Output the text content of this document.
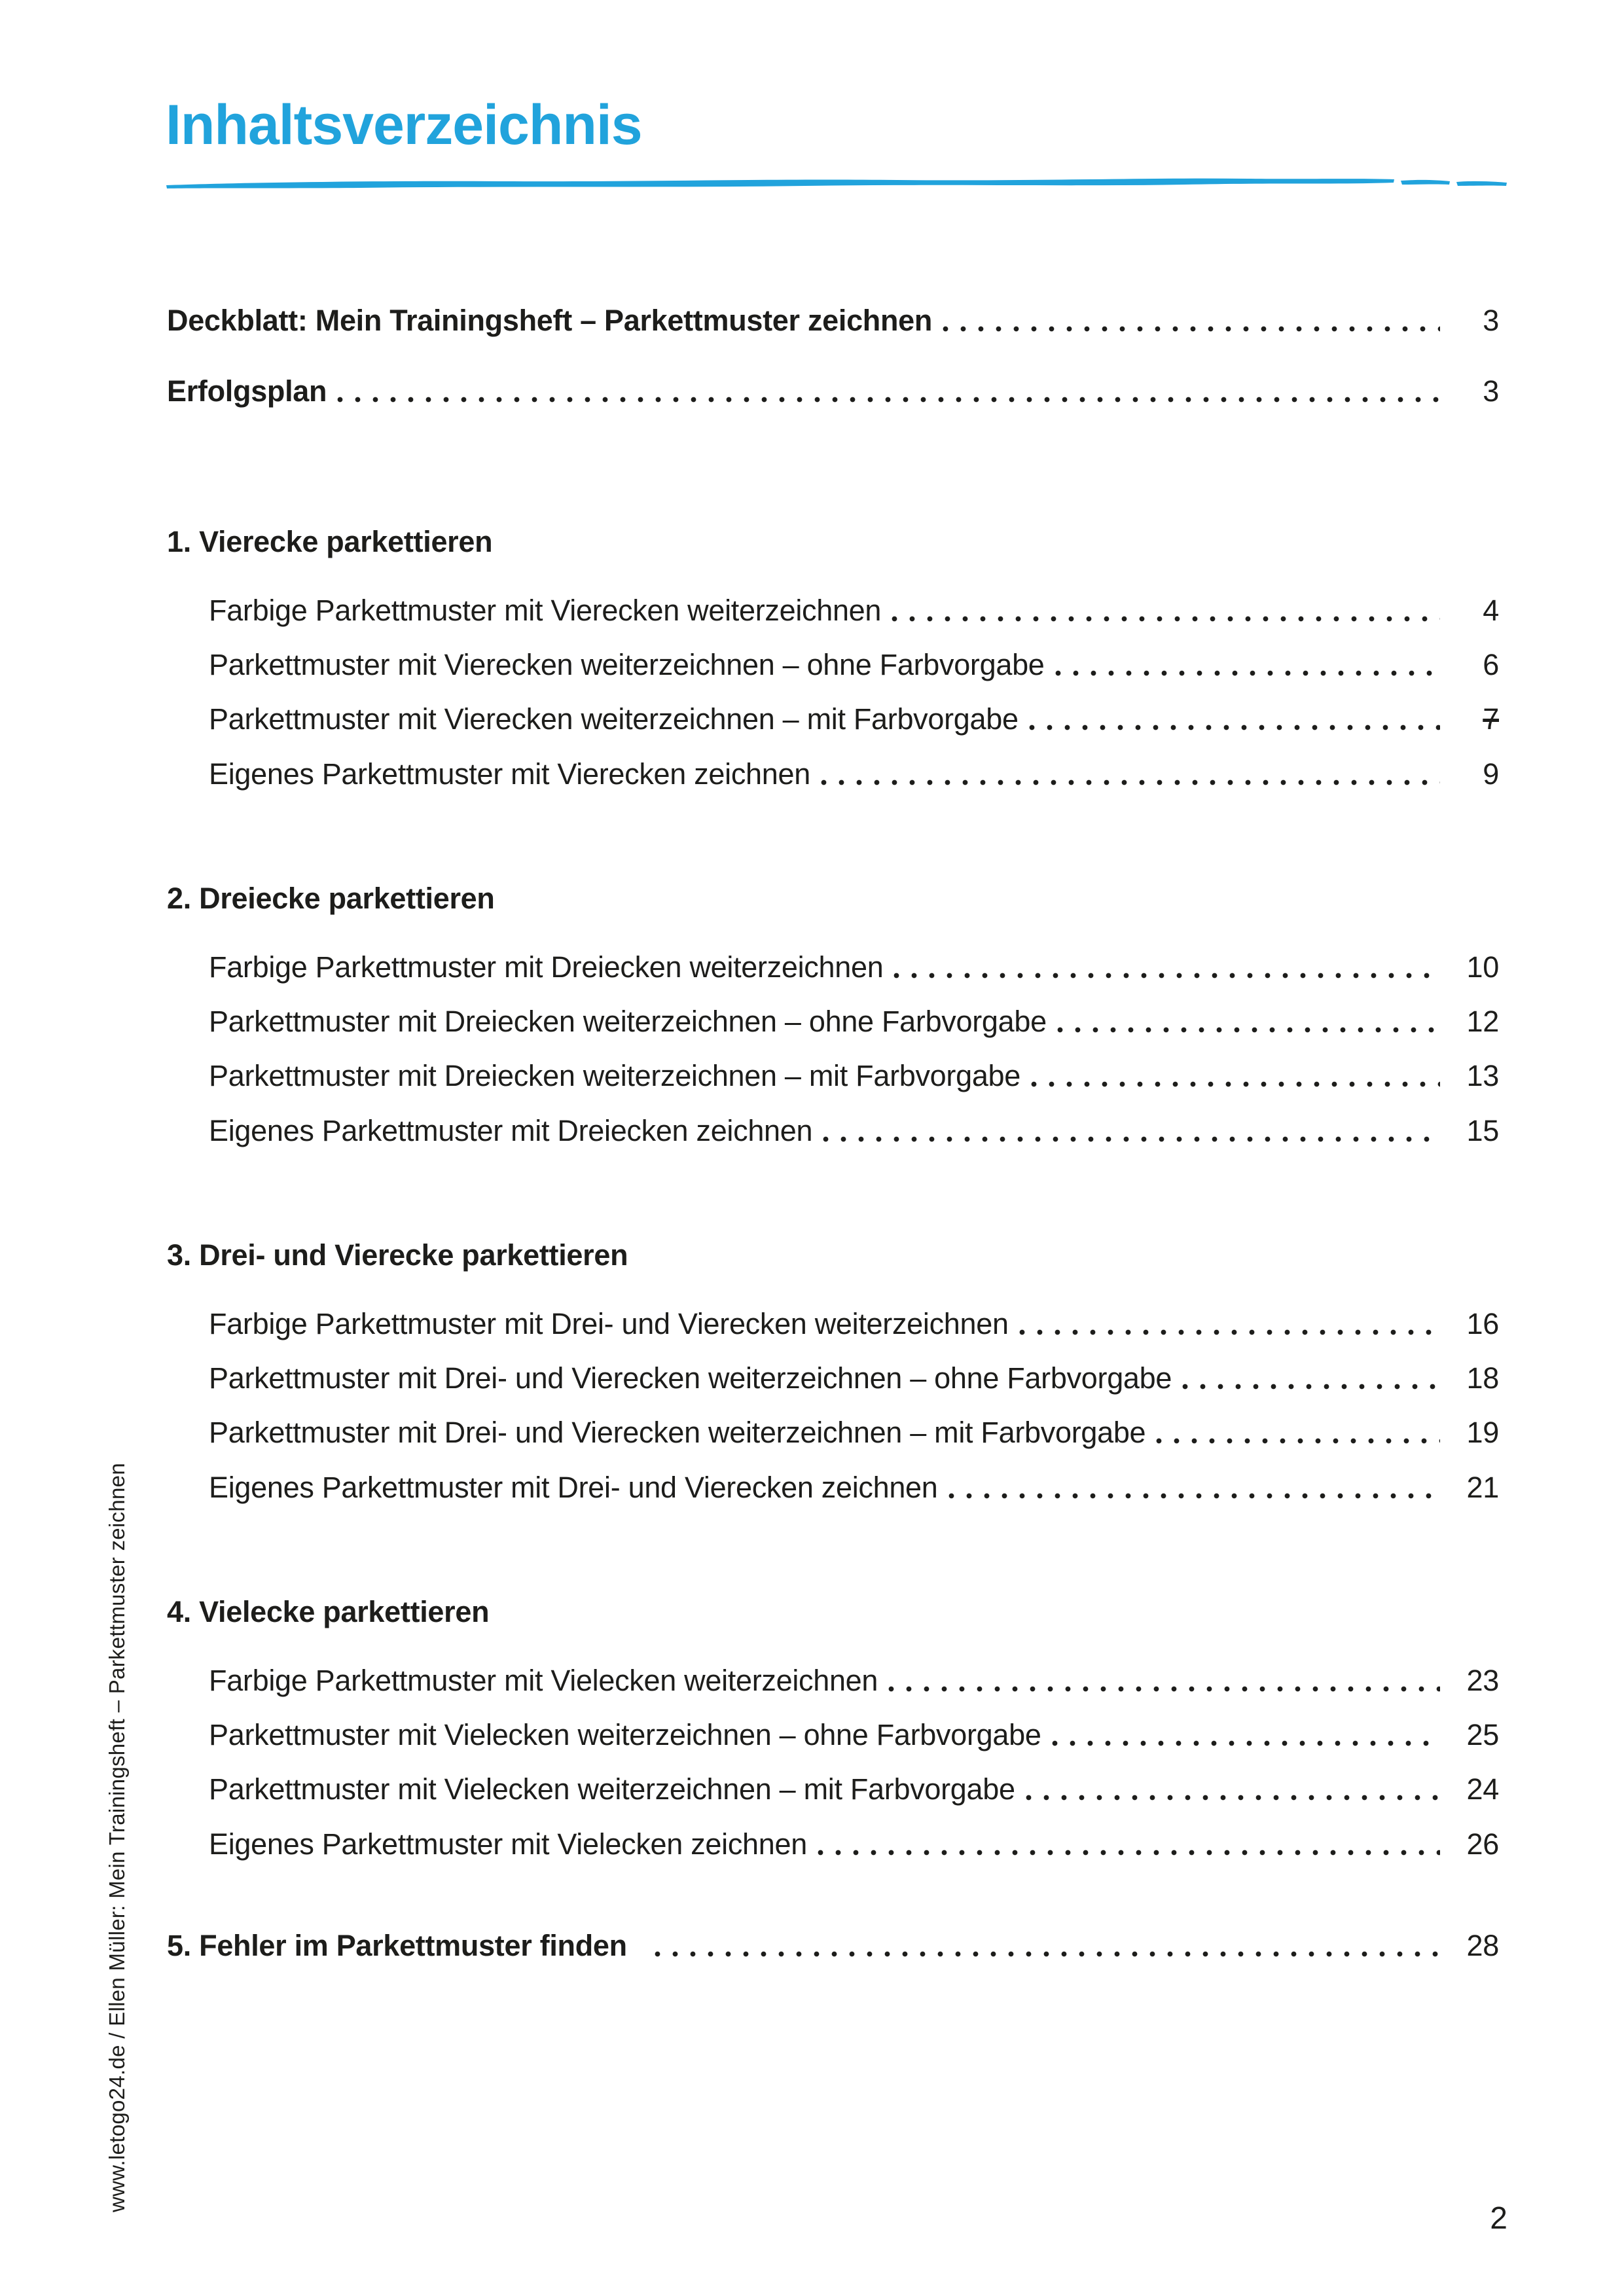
Inhaltsverzeichnis
Deckblatt: Mein Trainingsheft – Parkettmuster zeichnen	3
Erfolgsplan	3
1. Vierecke parkettieren
Farbige Parkettmuster mit Vierecken weiterzeichnen	4
Parkettmuster mit Vierecken weiterzeichnen – ohne Farbvorgabe	6
Parkettmuster mit Vierecken weiterzeichnen – mit Farbvorgabe	7
Eigenes Parkettmuster mit Vierecken zeichnen	9
2. Dreiecke parkettieren
Farbige Parkettmuster mit Dreiecken weiterzeichnen	10
Parkettmuster mit Dreiecken weiterzeichnen – ohne Farbvorgabe	12
Parkettmuster mit Dreiecken weiterzeichnen – mit Farbvorgabe	13
Eigenes Parkettmuster mit Dreiecken zeichnen	15
3. Drei- und Vierecke parkettieren
Farbige Parkettmuster mit Drei- und Vierecken weiterzeichnen	16
Parkettmuster mit Drei- und Vierecken weiterzeichnen – ohne Farbvorgabe	18
Parkettmuster mit Drei- und Vierecken weiterzeichnen – mit Farbvorgabe	19
Eigenes Parkettmuster mit Drei- und Vierecken zeichnen	21
4. Vielecke parkettieren
Farbige Parkettmuster mit Vielecken weiterzeichnen	23
Parkettmuster mit Vielecken weiterzeichnen – ohne Farbvorgabe	25
Parkettmuster mit Vielecken weiterzeichnen – mit Farbvorgabe	24
Eigenes Parkettmuster mit Vielecken zeichnen	26
5. Fehler im Parkettmuster finden	28
www.letogo24.de / Ellen Müller: Mein Trainingsheft – Parkettmuster zeichnen
2
